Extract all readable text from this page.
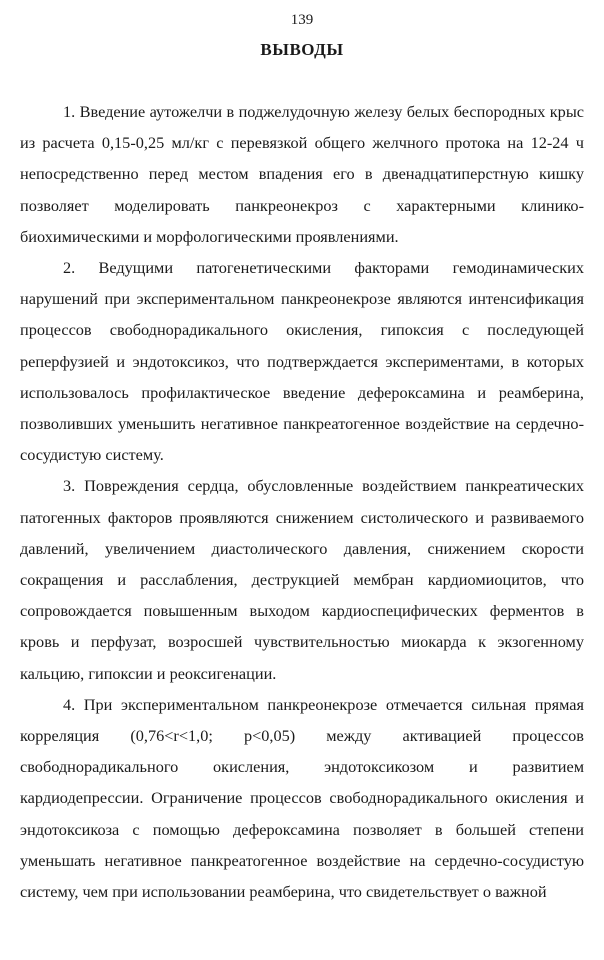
139
ВЫВОДЫ

1. Введение аутожелчи в поджелудочную железу белых беспородных крыс из расчета 0,15-0,25 мл/кг с перевязкой общего желчного протока на 12-24 ч непосредственно перед местом впадения его в двенадцатиперстную кишку позволяет моделировать панкреонекроз с характерными клинико-биохимическими и морфологическими проявлениями.

2. Ведущими патогенетическими факторами гемодинамических нарушений при экспериментальном панкреонекрозе являются интенсификация процессов свободнорадикального окисления, гипоксия с последующей реперфузией и эндотоксикоз, что подтверждается экспериментами, в которых использовалось профилактическое введение дефероксамина и реамберина, позволивших уменьшить негативное панкреатогенное воздействие на сердечно-сосудистую систему.

3. Повреждения сердца, обусловленные воздействием панкреатических патогенных факторов проявляются снижением систолического и развиваемого давлений, увеличением диастолического давления, снижением скорости сокращения и расслабления, деструкцией мембран кардиомиоцитов, что сопровождается повышенным выходом кардиоспецифических ферментов в кровь и перфузат, возросшей чувствительностью миокарда к экзогенному кальцию, гипоксии и реоксигенации.

4. При экспериментальном панкреонекрозе отмечается сильная прямая корреляция (0,76<r<1,0; р<0,05) между активацией процессов свободнорадикального окисления, эндотоксикозом и развитием кардиодепрессии. Ограничение процессов свободнорадикального окисления и эндотоксикоза с помощью дефероксамина позволяет в большей степени уменьшать негативное панкреатогенное воздействие на сердечно-сосудистую систему, чем при использовании реамберина, что свидетельствует о важной
